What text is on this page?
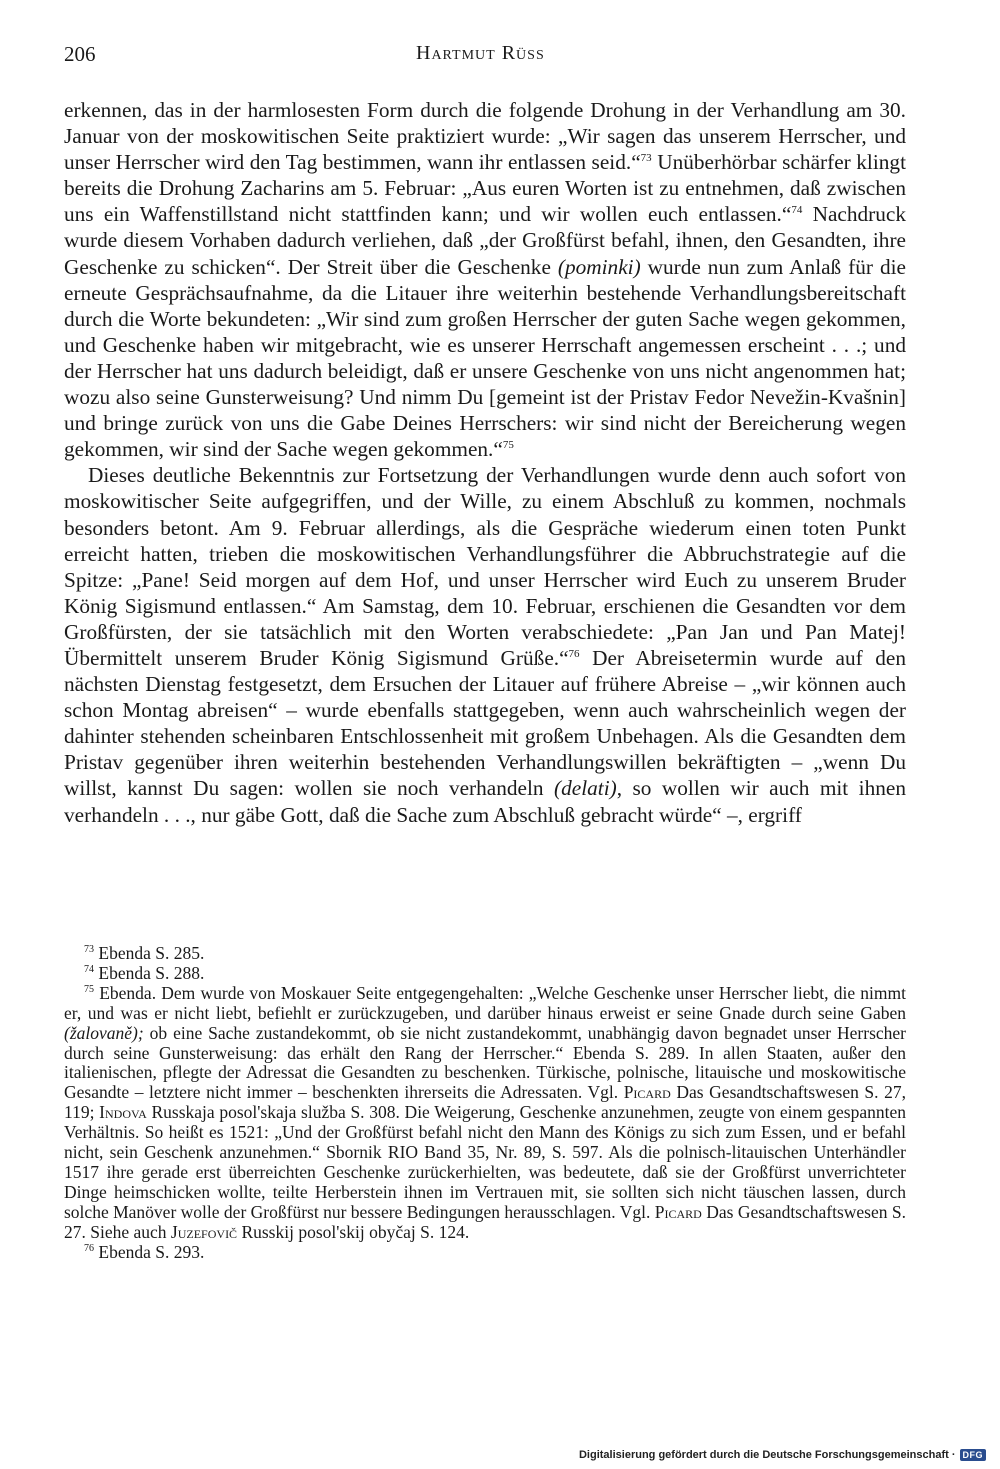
206	Hartmut Rüss

erkennen, das in der harmlosesten Form durch die folgende Drohung in der Verhandlung am 30. Januar von der moskowitischen Seite praktiziert wurde: „Wir sagen das unserem Herrscher, und unser Herrscher wird den Tag bestimmen, wann ihr entlassen seid.“$^{73}$ Unüberhörbar schärfer klingt bereits die Drohung Zacharins am 5. Februar: „Aus euren Worten ist zu entnehmen, daß zwischen uns ein Waffenstillstand nicht stattfinden kann; und wir wollen euch entlassen.“$^{74}$ Nachdruck wurde diesem Vorhaben dadurch verliehen, daß „der Großfürst befahl, ihnen, den Gesandten, ihre Geschenke zu schicken“. Der Streit über die Geschenke (pominki) wurde nun zum Anlaß für die erneute Gesprächsaufnahme, da die Litauer ihre weiterhin bestehende Verhandlungsbereitschaft durch die Worte bekundeten: „Wir sind zum großen Herrscher der guten Sache wegen gekommen, und Geschenke haben wir mitgebracht, wie es unserer Herrschaft angemessen erscheint . . .; und der Herrscher hat uns dadurch beleidigt, daß er unsere Geschenke von uns nicht angenommen hat; wozu also seine Gunsterweisung? Und nimm Du [gemeint ist der Pristav Fedor Nevežin-Kvašnin] und bringe zurück von uns die Gabe Deines Herrschers: wir sind nicht der Bereicherung wegen gekommen, wir sind der Sache wegen gekommen.“$^{75}$

Dieses deutliche Bekenntnis zur Fortsetzung der Verhandlungen wurde denn auch sofort von moskowitischer Seite aufgegriffen, und der Wille, zu einem Abschluß zu kommen, nochmals besonders betont. Am 9. Februar allerdings, als die Gespräche wiederum einen toten Punkt erreicht hatten, trieben die moskowitischen Verhandlungsführer die Abbruchstrategie auf die Spitze: „Pane! Seid morgen auf dem Hof, und unser Herrscher wird Euch zu unserem Bruder König Sigismund entlassen.“ Am Samstag, dem 10. Februar, erschienen die Gesandten vor dem Großfürsten, der sie tatsächlich mit den Worten verabschiedete: „Pan Jan und Pan Matej! Übermittelt unserem Bruder König Sigismund Grüße.“$^{76}$ Der Abreisetermin wurde auf den nächsten Dienstag festgesetzt, dem Ersuchen der Litauer auf frühere Abreise – „wir können auch schon Montag abreisen“ – wurde ebenfalls stattgegeben, wenn auch wahrscheinlich wegen der dahinter stehenden scheinbaren Entschlossenheit mit großem Unbehagen. Als die Gesandten dem Pristav gegenüber ihren weiterhin bestehenden Verhandlungswillen bekräftigten – „wenn Du willst, kannst Du sagen: wollen sie noch verhandeln (delati), so wollen wir auch mit ihnen verhandeln . . ., nur gäbe Gott, daß die Sache zum Abschluß gebracht würde“ –, ergriff

$^{73}$ Ebenda S. 285.

$^{74}$ Ebenda S. 288.

$^{75}$ Ebenda. Dem wurde von Moskauer Seite entgegengehalten: „Welche Geschenke unser Herrscher liebt, die nimmt er, und was er nicht liebt, befiehlt er zurückzugeben, und darüber hinaus erweist er seine Gnade durch seine Gaben (žalovaně); ob eine Sache zustandekommt, ob sie nicht zustandekommt, unabhängig davon begnadet unser Herrscher durch seine Gunsterweisung: das erhält den Rang der Herrscher.“ Ebenda S. 289. In allen Staaten, außer den italienischen, pflegte der Adressat die Gesandten zu beschenken. Türkische, polnische, litauische und moskowitische Gesandte – letztere nicht immer – beschenkten ihrerseits die Adressaten. Vgl. Picard Das Gesandtschaftswesen S. 27, 119; Indova Russkaja posol'skaja služba S. 308. Die Weigerung, Geschenke anzunehmen, zeugte von einem gespannten Verhältnis. So heißt es 1521: „Und der Großfürst befahl nicht den Mann des Königs zu sich zum Essen, und er befahl nicht, sein Geschenk anzunehmen.“ Sbornik RIO Band 35, Nr. 89, S. 597. Als die polnisch-litauischen Unterhändler 1517 ihre gerade erst überreichten Geschenke zurückerhielten, was bedeutete, daß sie der Großfürst unverrichteter Dinge heimschicken wollte, teilte Herberstein ihnen im Vertrauen mit, sie sollten sich nicht täuschen lassen, durch solche Manöver wolle der Großfürst nur bessere Bedingungen herausschlagen. Vgl. Picard Das Gesandtschaftswesen S. 27. Siehe auch Juzefovič Russkij posol'skij obyčaj S. 124.

$^{76}$ Ebenda S. 293.

Digitalisierung gefördert durch die Deutsche Forschungsgemeinschaft · DFG
